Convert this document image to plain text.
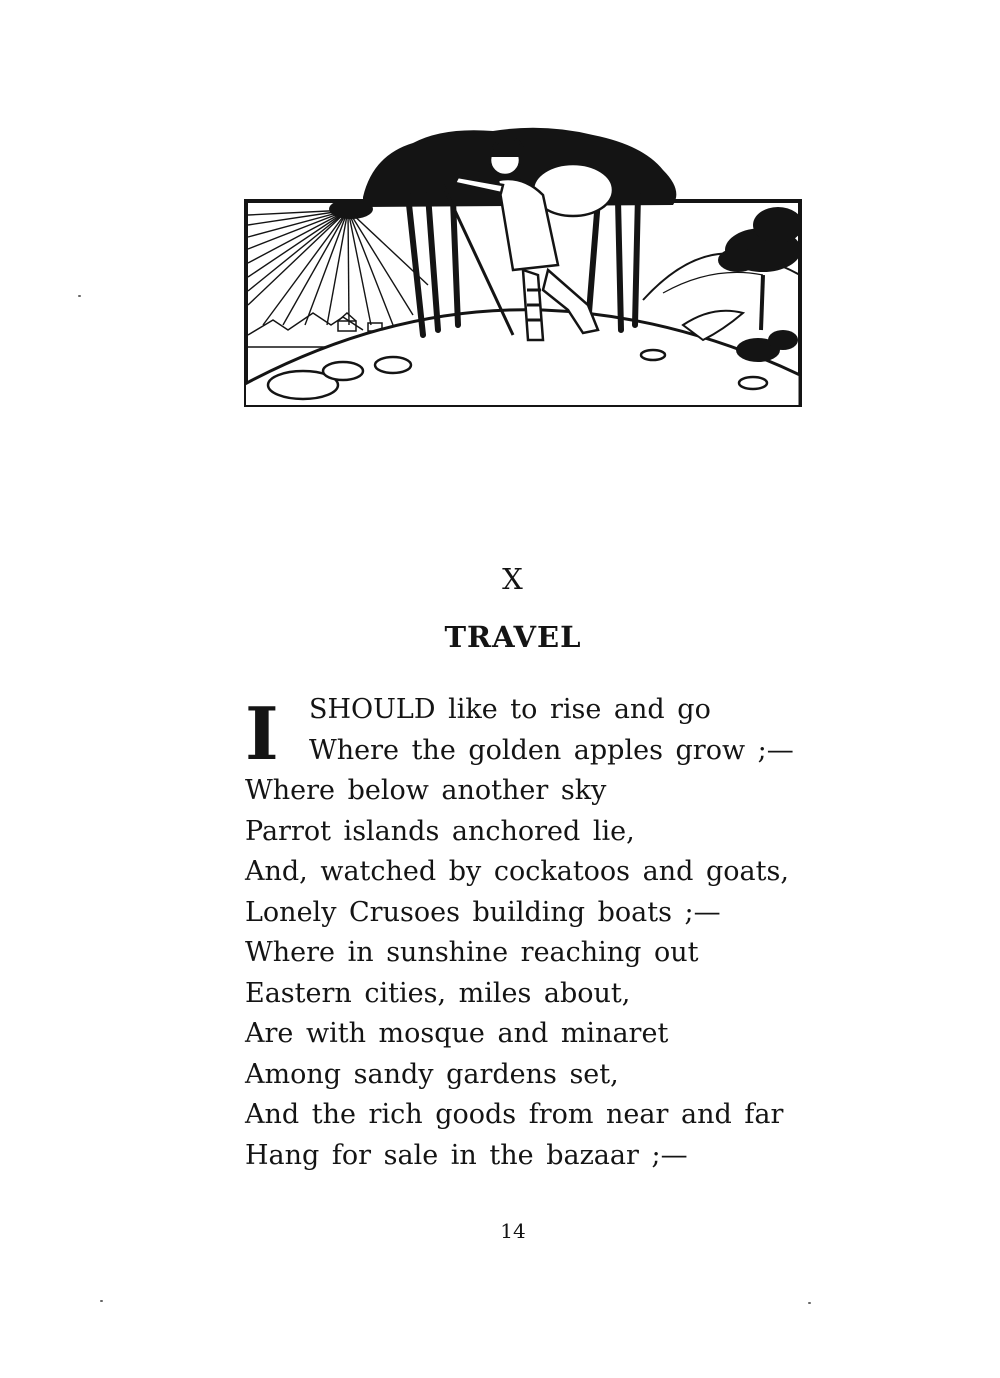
X
TRAVEL
I	SHOULD like to rise and go
Where the golden apples grow ;—
Where below another sky
Parrot islands anchored lie,
And, watched by cockatoos and goats,
Lonely Crusoes building boats ;—
Where in sunshine reaching out
Eastern cities, miles about,
Are with mosque and minaret
Among sandy gardens set,
And the rich goods from near and far
Hang for sale in the bazaar ;—
14
